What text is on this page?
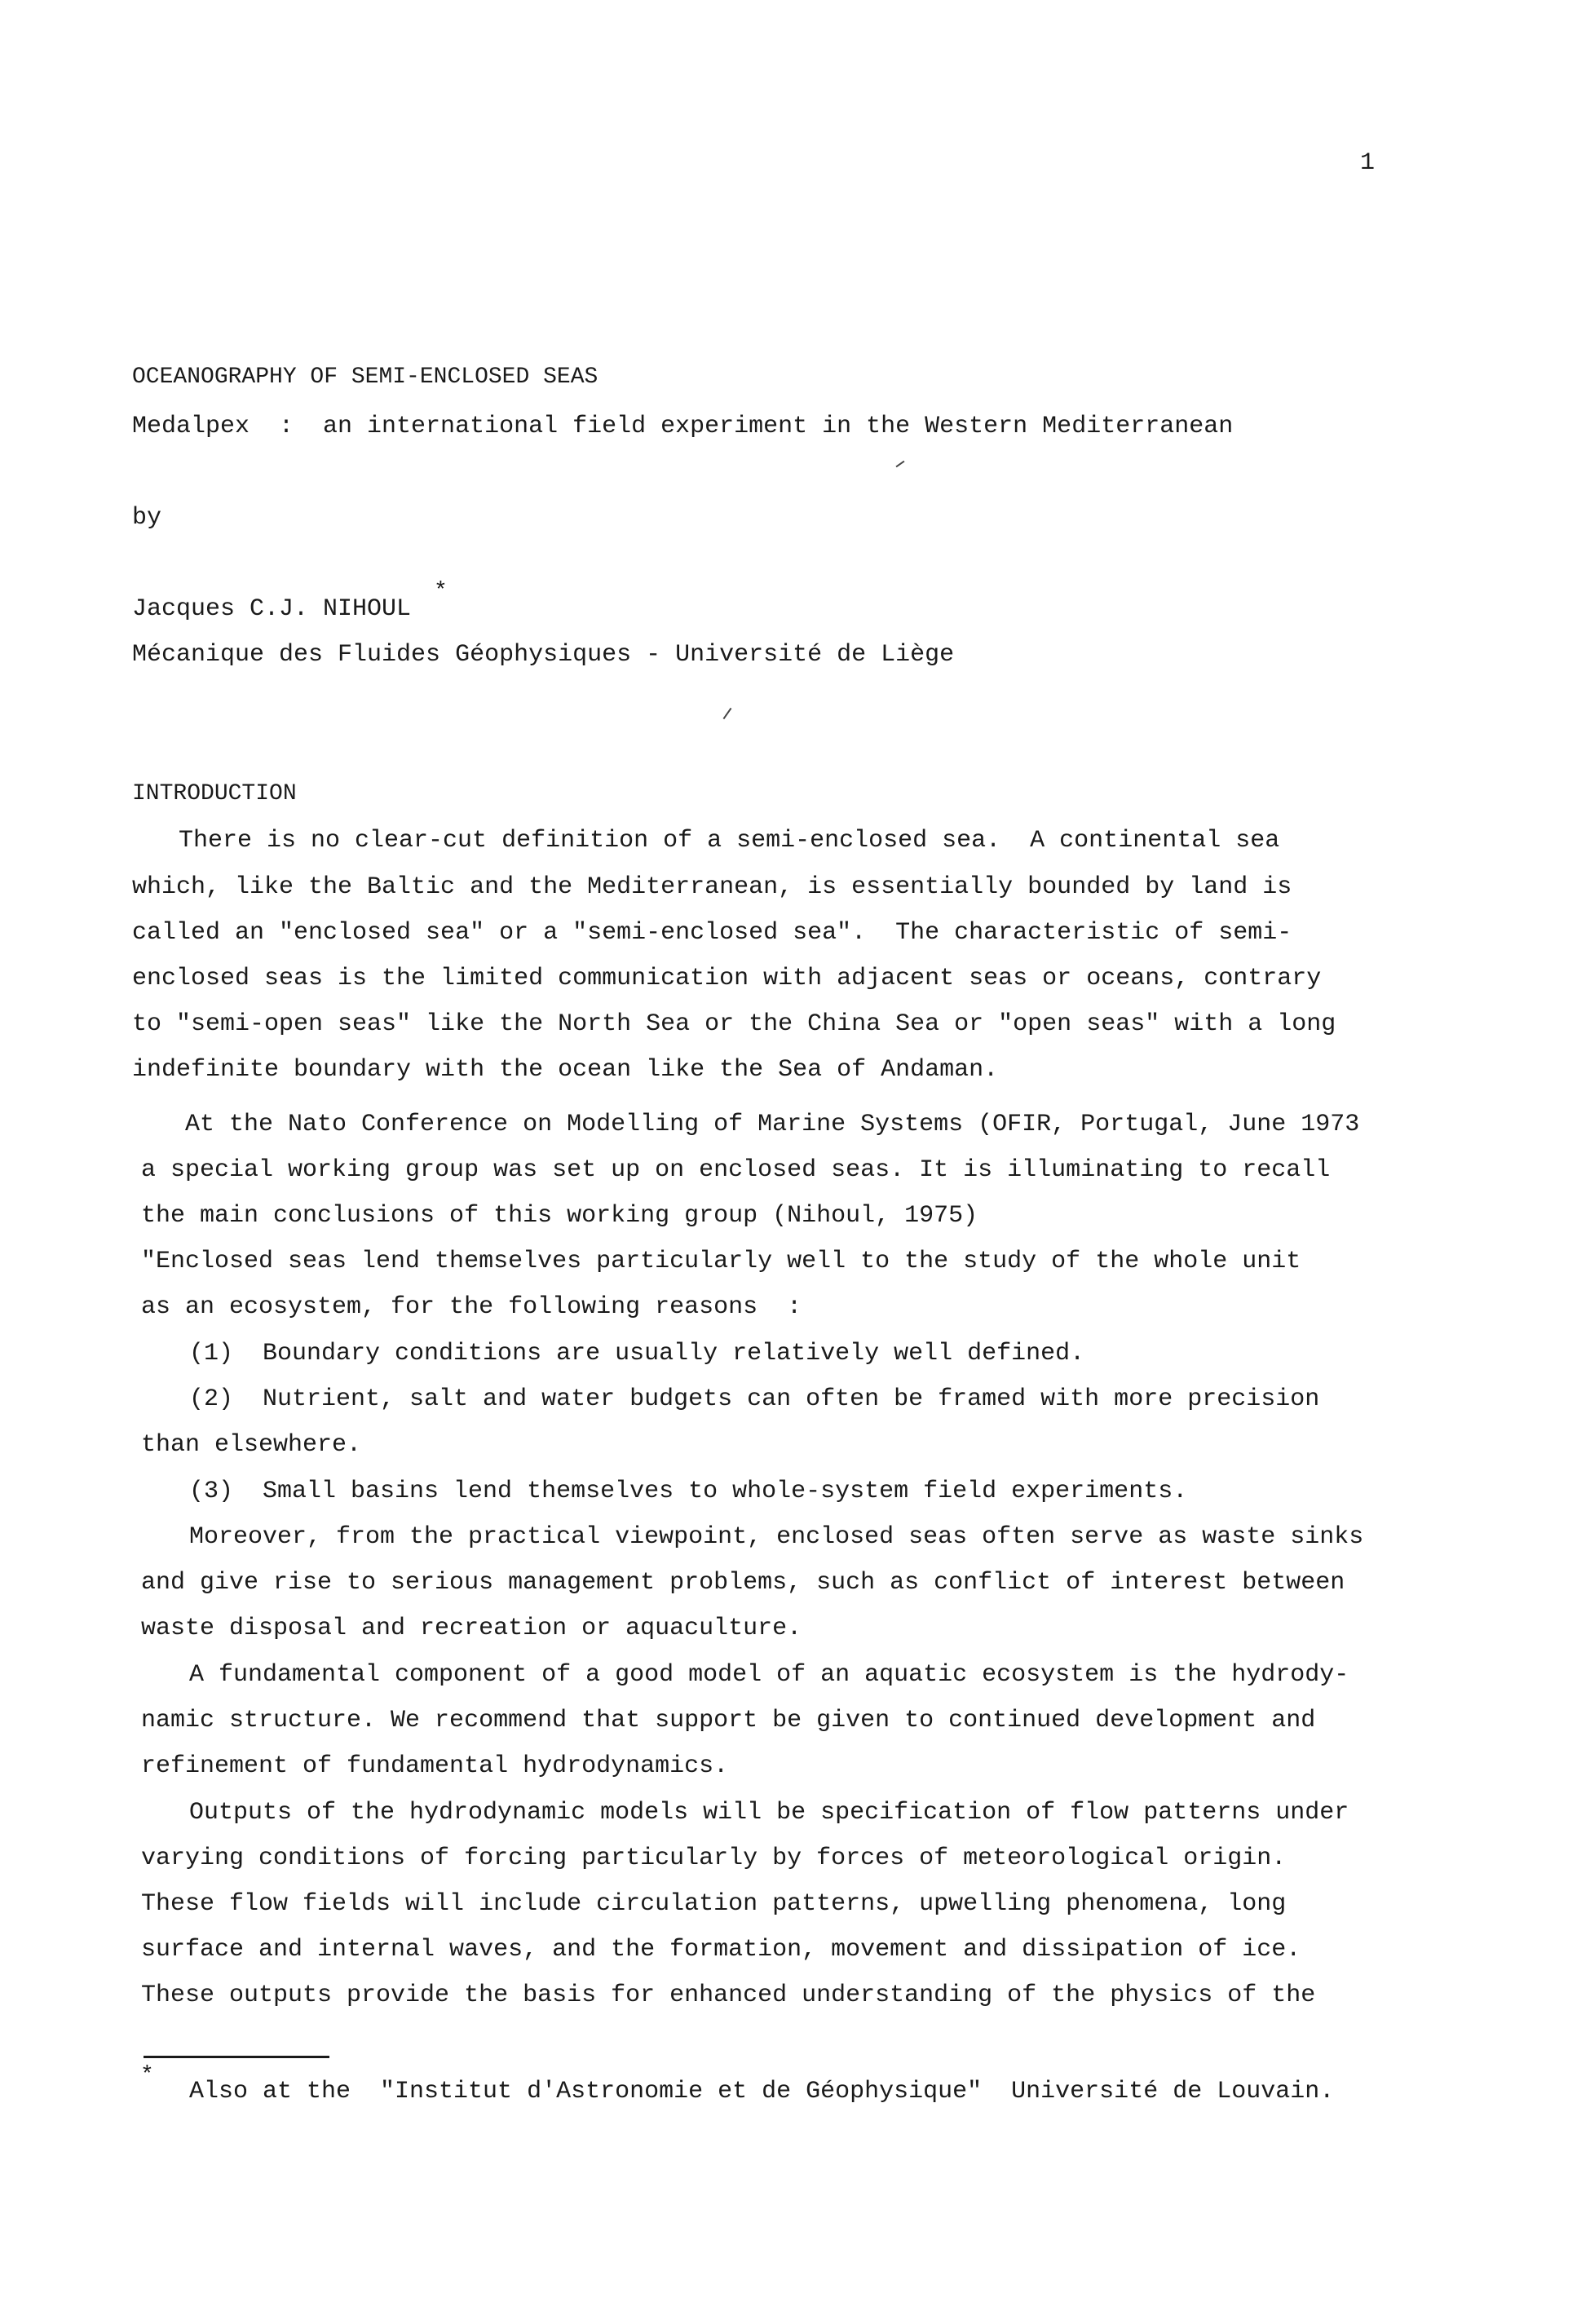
1
OCEANOGRAPHY OF SEMI-ENCLOSED SEAS
Medalpex  :  an international field experiment in the Western Mediterranean
by
Jacques C.J. NIHOUL
*
Mécanique des Fluides Géophysiques - Université de Liège
INTRODUCTION
There is no clear-cut definition of a semi-enclosed sea.  A continental sea
which, like the Baltic and the Mediterranean, is essentially bounded by land is
called an "enclosed sea" or a "semi-enclosed sea".  The characteristic of semi-
enclosed seas is the limited communication with adjacent seas or oceans, contrary
to "semi-open seas" like the North Sea or the China Sea or "open seas" with a long
indefinite boundary with the ocean like the Sea of Andaman.
At the Nato Conference on Modelling of Marine Systems (OFIR, Portugal, June 1973
a special working group was set up on enclosed seas. It is illuminating to recall
the main conclusions of this working group (Nihoul, 1975)
"Enclosed seas lend themselves particularly well to the study of the whole unit
as an ecosystem, for the following reasons  :
(1)  Boundary conditions are usually relatively well defined.
(2)  Nutrient, salt and water budgets can often be framed with more precision
than elsewhere.
(3)  Small basins lend themselves to whole-system field experiments.
Moreover, from the practical viewpoint, enclosed seas often serve as waste sinks
and give rise to serious management problems, such as conflict of interest between
waste disposal and recreation or aquaculture.
A fundamental component of a good model of an aquatic ecosystem is the hydrody-
namic structure. We recommend that support be given to continued development and
refinement of fundamental hydrodynamics.
Outputs of the hydrodynamic models will be specification of flow patterns under
varying conditions of forcing particularly by forces of meteorological origin.
These flow fields will include circulation patterns, upwelling phenomena, long
surface and internal waves, and the formation, movement and dissipation of ice.
These outputs provide the basis for enhanced understanding of the physics of the
*
Also at the  "Institut d'Astronomie et de Géophysique"  Université de Louvain.
